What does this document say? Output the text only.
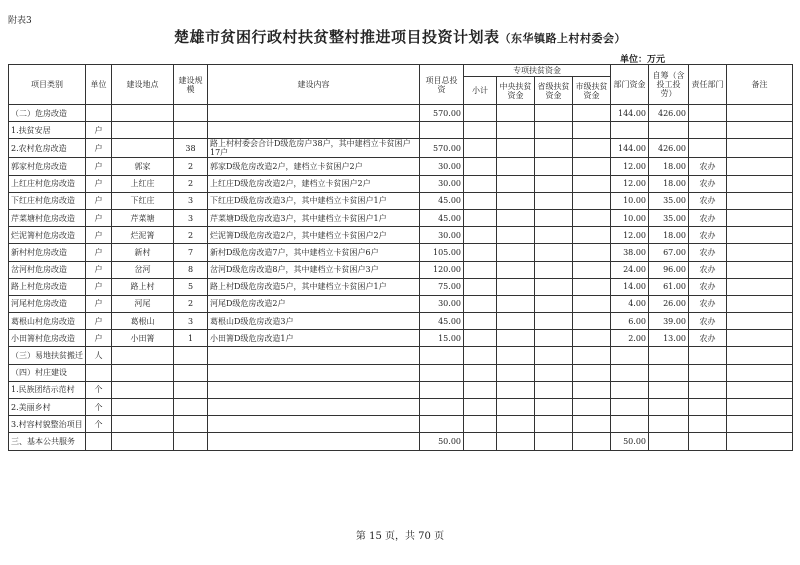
附表3
楚雄市贫困行政村扶贫整村推进项目投资计划表（东华镇路上村村委会）
单位：万元
项目类别	单位	建设地点	建设规模	建设内容	项目总投资	专项扶贫资金				部门资金	自筹（含投工投劳）	责任部门	备注
						小计	中央扶贫资金	省级扶贫资金	市级扶贫资金				
（二）危房改造					570.00					144.00	426.00		
1.扶贫安居	户												
2.农村危房改造	户		38	路上村村委会合计D级危房户38户，其中建档立卡贫困户17户	570.00					144.00	426.00		
郭家村危房改造	户	郭家	2	郭家D级危房改造2户，建档立卡贫困户2户	30.00					12.00	18.00	农办	
上红庄村危房改造	户	上红庄	2	上红庄D级危房改造2户，建档立卡贫困户2户	30.00					12.00	18.00	农办	
下红庄村危房改造	户	下红庄	3	下红庄D级危房改造3户，其中建档立卡贫困户1户	45.00					10.00	35.00	农办	
芹菜塘村危房改造	户	芹菜塘	3	芹菜塘D级危房改造3户，其中建档立卡贫困户1户	45.00					10.00	35.00	农办	
烂泥箐村危房改造	户	烂泥箐	2	烂泥箐D级危房改造2户，其中建档立卡贫困户2户	30.00					12.00	18.00	农办	
新村村危房改造	户	新村	7	新村D级危房改造7户，其中建档立卡贫困户6户	105.00					38.00	67.00	农办	
岔河村危房改造	户	岔河	8	岔河D级危房改造8户，其中建档立卡贫困户3户	120.00					24.00	96.00	农办	
路上村危房改造	户	路上村	5	路上村D级危房改造5户，其中建档立卡贫困户1户	75.00					14.00	61.00	农办	
河尾村危房改造	户	河尾	2	河尾D级危房改造2户	30.00					4.00	26.00	农办	
葛根山村危房改造	户	葛根山	3	葛根山D级危房改造3户	45.00					6.00	39.00	农办	
小田箐村危房改造	户	小田箐	1	小田箐D级危房改造1户	15.00					2.00	13.00	农办	
（三）易地扶贫搬迁	人												
（四）村庄建设													
1.民族团结示范村	个												
2.美丽乡村	个												
3.村容村貌整治项目	个												
三、基本公共服务					50.00					50.00			
第 15 页，共 70 页
